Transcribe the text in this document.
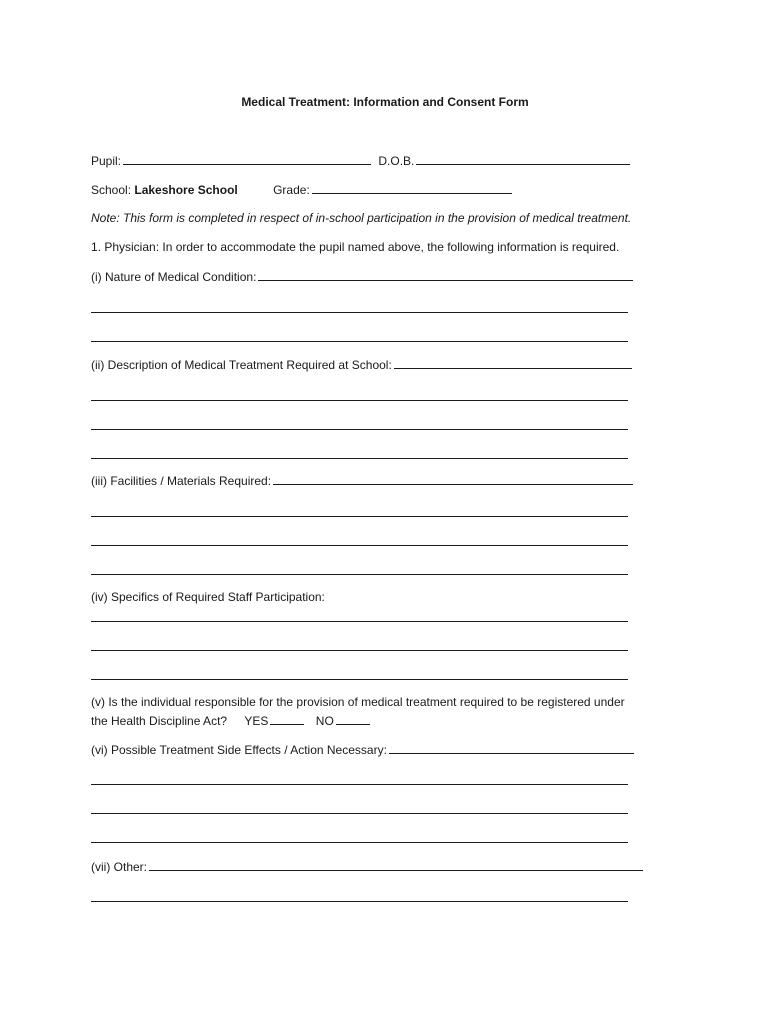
Medical Treatment: Information and Consent Form
Pupil:	D.O.B.
School: Lakeshore School	Grade:
Note: This form is completed in respect of in-school participation in the provision of medical treatment.
1. Physician: In order to accommodate the pupil named above, the following information is required.
(i) Nature of Medical Condition:
(ii) Description of Medical Treatment Required at School:
(iii) Facilities / Materials Required:
(iv) Specifics of Required Staff Participation:
(v) Is the individual responsible for the provision of medical treatment required to be registered under
the Health Discipline Act? YES	NO
(vi) Possible Treatment Side Effects / Action Necessary:
(vii) Other:
